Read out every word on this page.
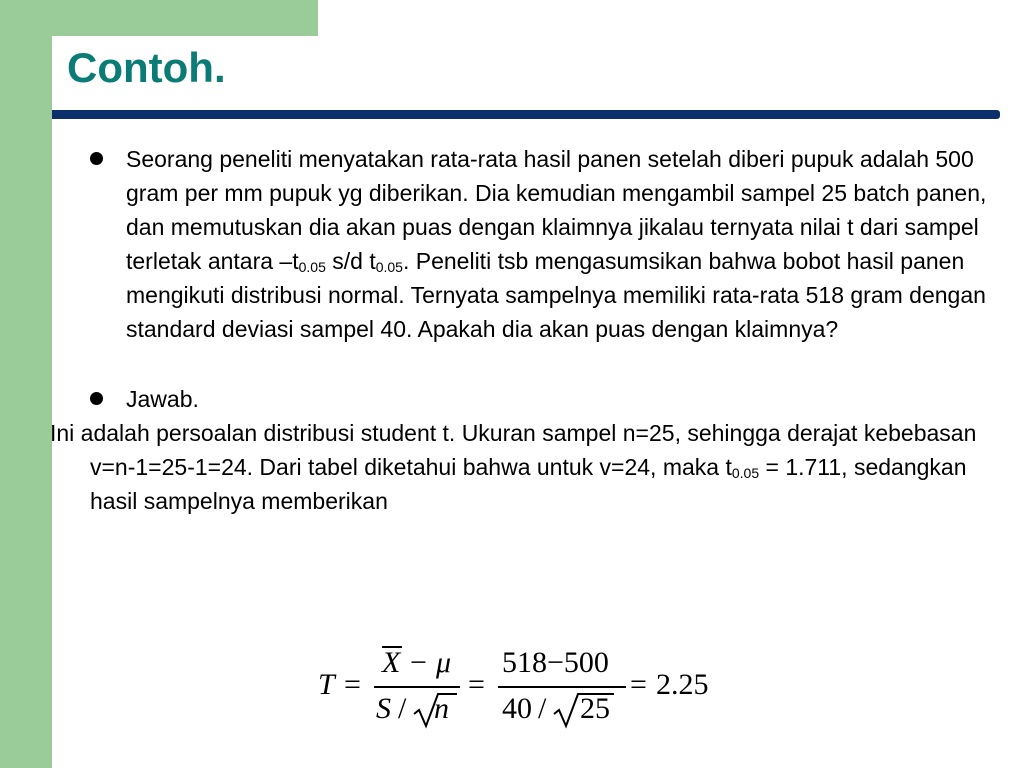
Contoh.

Seorang peneliti menyatakan rata-rata hasil panen setelah diberi pupuk adalah 500 gram per mm pupuk yg diberikan. Dia kemudian mengambil sampel 25 batch panen, dan memutuskan dia akan puas dengan klaimnya jikalau ternyata nilai t dari sampel terletak antara $-t_{0.05}$ s/d $t_{0.05}$. Peneliti tsb mengasumsikan bahwa bobot hasil panen mengikuti distribusi normal. Ternyata sampelnya memiliki rata-rata 518 gram dengan standard deviasi sampel 40. Apakah dia akan puas dengan klaimnya?

Jawab.

Ini adalah persoalan distribusi student t. Ukuran sampel n=25, sehingga derajat kebebasan v=n-1=25-1=24. Dari tabel diketahui bahwa untuk v=24, maka $t_{0.05} = 1.711$, sedangkan hasil sampelnya memberikan

T =
X − μ
S / n
=
518−500
40 / 25
= 2.25
